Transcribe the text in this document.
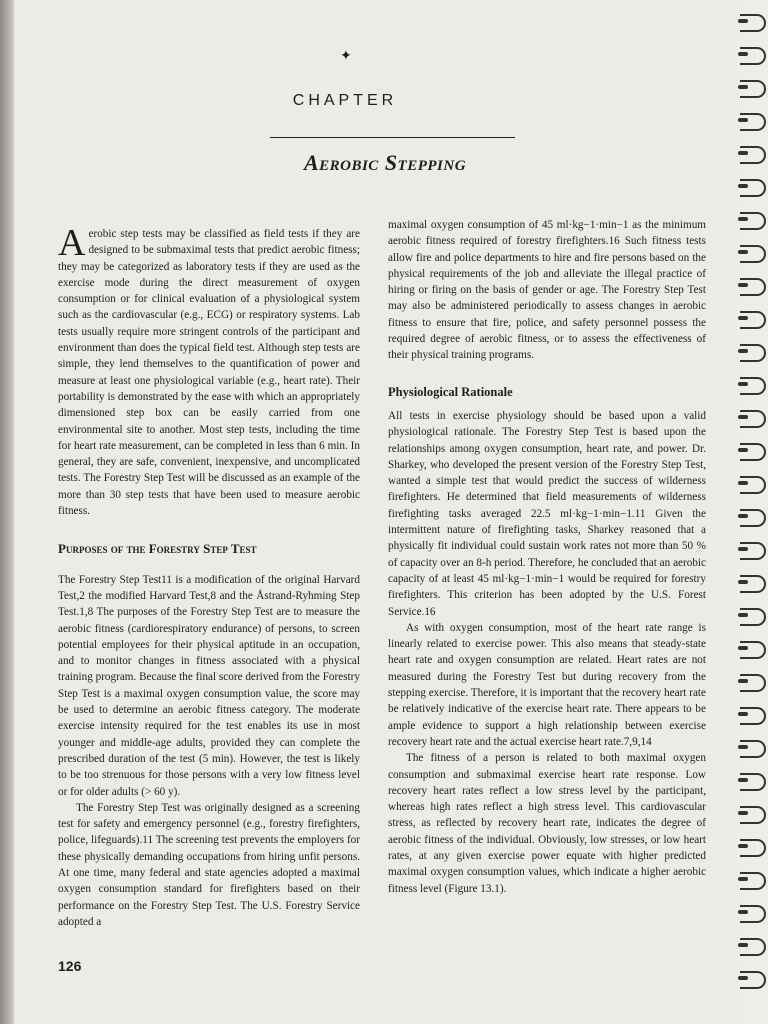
✦
CHAPTER
Aerobic Stepping

Aerobic step tests may be classified as field tests if they are designed to be submaximal tests that predict aerobic fitness; they may be categorized as laboratory tests if they are used as the exercise mode during the direct measurement of oxygen consumption or for clinical evaluation of a physiological system such as the cardiovascular (e.g., ECG) or respiratory systems. Lab tests usually require more stringent controls of the participant and environment than does the typical field test. Although step tests are simple, they lend themselves to the quantification of power and measure at least one physiological variable (e.g., heart rate). Their portability is demonstrated by the ease with which an appropriately dimensioned step box can be easily carried from one environmental site to another. Most step tests, including the time for heart rate measurement, can be completed in less than 6 min. In general, they are safe, convenient, inexpensive, and uncomplicated tests. The Forestry Step Test will be discussed as an example of the more than 30 step tests that have been used to measure aerobic fitness.

Purposes of the Forestry Step Test

The Forestry Step Test11 is a modification of the original Harvard Test,2 the modified Harvard Test,8 and the Åstrand-Ryhming Step Test.1,8 The purposes of the Forestry Step Test are to measure the aerobic fitness (cardiorespiratory endurance) of persons, to screen potential employees for their physical aptitude in an occupation, and to monitor changes in fitness associated with a physical training program. Because the final score derived from the Forestry Step Test is a maximal oxygen consumption value, the score may be used to determine an aerobic fitness category. The moderate exercise intensity required for the test enables its use in most younger and middle-age adults, provided they can complete the prescribed duration of the test (5 min). However, the test is likely to be too strenuous for those persons with a very low fitness level or for older adults (> 60 y).

The Forestry Step Test was originally designed as a screening test for safety and emergency personnel (e.g., forestry firefighters, police, lifeguards).11 The screening test prevents the employers for these physically demanding occupations from hiring unfit persons. At one time, many federal and state agencies adopted a maximal oxygen consumption standard for firefighters based on their performance on the Forestry Step Test. The U.S. Forestry Service adopted a

maximal oxygen consumption of 45 ml·kg−1·min−1 as the minimum aerobic fitness required of forestry firefighters.16 Such fitness tests allow fire and police departments to hire and fire persons based on the physical requirements of the job and alleviate the illegal practice of hiring or firing on the basis of gender or age. The Forestry Step Test may also be administered periodically to assess changes in aerobic fitness to ensure that fire, police, and safety personnel possess the required degree of aerobic fitness, or to assess the effectiveness of their physical training programs.

Physiological Rationale

All tests in exercise physiology should be based upon a valid physiological rationale. The Forestry Step Test is based upon the relationships among oxygen consumption, heart rate, and power. Dr. Sharkey, who developed the present version of the Forestry Step Test, wanted a simple test that would predict the success of wilderness firefighters. He determined that field measurements of wilderness firefighting tasks averaged 22.5 ml·kg−1·min−1.11 Given the intermittent nature of firefighting tasks, Sharkey reasoned that a physically fit individual could sustain work rates not more than 50 % of capacity over an 8-h period. Therefore, he concluded that an aerobic capacity of at least 45 ml·kg−1·min−1 would be required for forestry firefighters. This criterion has been adopted by the U.S. Forest Service.16

As with oxygen consumption, most of the heart rate range is linearly related to exercise power. This also means that steady-state heart rate and oxygen consumption are related. Heart rates are not measured during the Forestry Test but during recovery from the stepping exercise. Therefore, it is important that the recovery heart rate be relatively indicative of the exercise heart rate. There appears to be ample evidence to support a high relationship between exercise recovery heart rate and the actual exercise heart rate.7,9,14

The fitness of a person is related to both maximal oxygen consumption and submaximal exercise heart rate response. Low recovery heart rates reflect a low stress level by the participant, whereas high rates reflect a high stress level. This cardiovascular stress, as reflected by recovery heart rate, indicates the degree of aerobic fitness of the individual. Obviously, low stresses, or low heart rates, at any given exercise power equate with higher predicted maximal oxygen consumption values, which indicate a higher aerobic fitness level (Figure 13.1).

126
